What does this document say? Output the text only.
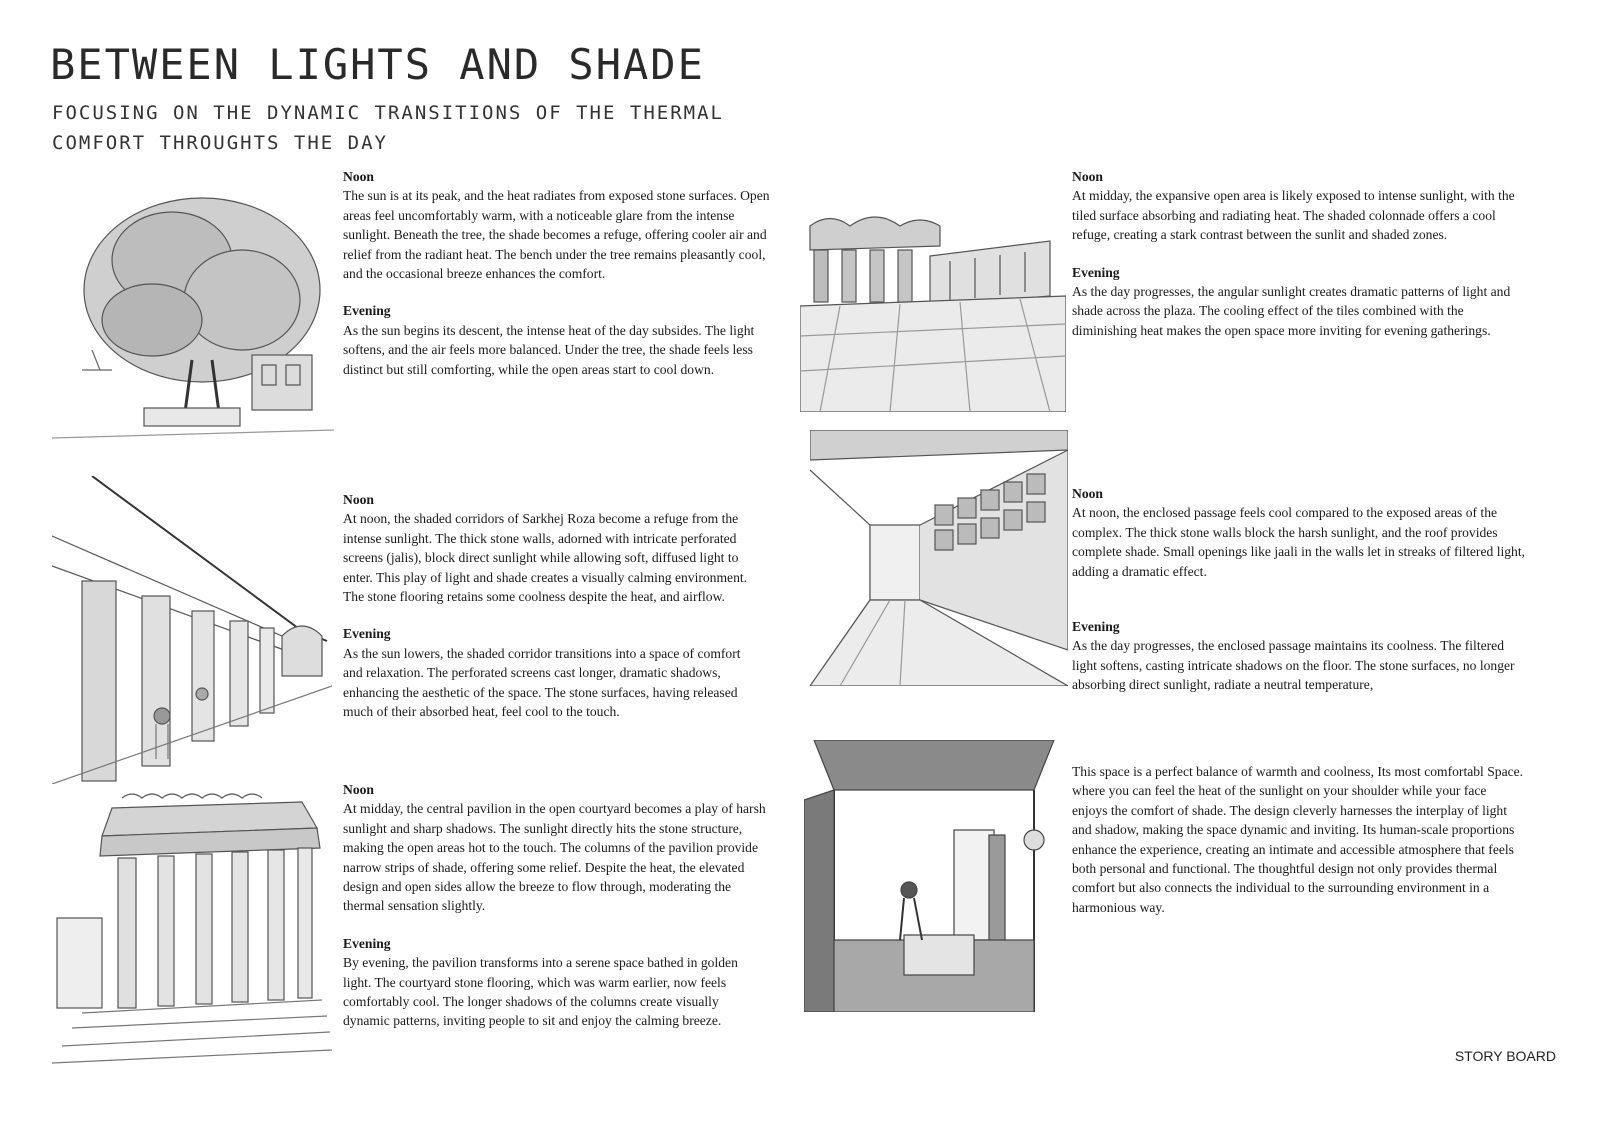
BETWEEN LIGHTS AND SHADE
FOCUSING ON THE DYNAMIC TRANSITIONS OF THE THERMAL COMFORT THROUGHTS THE DAY
Noon
The sun is at its peak, and the heat radiates from exposed stone surfaces. Open areas feel uncomfortably warm, with a noticeable glare from the intense sunlight. Beneath the tree, the shade becomes a refuge, offering cooler air and relief from the radiant heat. The bench under the tree remains pleasantly cool, and the occasional breeze enhances the comfort.
Evening
As the sun begins its descent, the intense heat of the day subsides. The light softens, and the air feels more balanced. Under the tree, the shade feels less distinct but still comforting, while the open areas start to cool down.
Noon
At noon, the shaded corridors of Sarkhej Roza become a refuge from the intense sunlight. The thick stone walls, adorned with intricate perforated screens (jalis), block direct sunlight while allowing soft, diffused light to enter. This play of light and shade creates a visually calming environment. The stone flooring retains some coolness despite the heat, and airflow.
Evening
As the sun lowers, the shaded corridor transitions into a space of comfort and relaxation. The perforated screens cast longer, dramatic shadows, enhancing the aesthetic of the space. The stone surfaces, having released much of their absorbed heat, feel cool to the touch.
Noon
At midday, the central pavilion in the open courtyard becomes a play of harsh sunlight and sharp shadows. The sunlight directly hits the stone structure, making the open areas hot to the touch. The columns of the pavilion provide narrow strips of shade, offering some relief. Despite the heat, the elevated design and open sides allow the breeze to flow through, moderating the thermal sensation slightly.
Evening
By evening, the pavilion transforms into a serene space bathed in golden light. The courtyard stone flooring, which was warm earlier, now feels comfortably cool. The longer shadows of the columns create visually dynamic patterns, inviting people to sit and enjoy the calming breeze.
Noon
At midday, the expansive open area is likely exposed to intense sunlight, with the tiled surface absorbing and radiating heat. The shaded colonnade offers a cool refuge, creating a stark contrast between the sunlit and shaded zones.
Evening
As the day progresses, the angular sunlight creates dramatic patterns of light and shade across the plaza. The cooling effect of the tiles combined with the diminishing heat makes the open space more inviting for evening gatherings.
Noon
At noon, the enclosed passage feels cool compared to the exposed areas of the complex. The thick stone walls block the harsh sunlight, and the roof provides complete shade. Small openings like jaali in the walls let in streaks of filtered light, adding a dramatic effect.
Evening
As the day progresses, the enclosed passage maintains its coolness. The filtered light softens, casting intricate shadows on the floor. The stone surfaces, no longer absorbing direct sunlight, radiate a neutral temperature,
This space is a perfect balance of warmth and coolness, Its most comfortabl Space. where you can feel the heat of the sunlight on your shoulder while your face enjoys the comfort of shade. The design cleverly harnesses the interplay of light and shadow, making the space dynamic and inviting. Its human-scale proportions enhance the experience, creating an intimate and accessible atmosphere that feels both personal and functional. The thoughtful design not only provides thermal comfort but also connects the individual to the surrounding environment in a harmonious way.
STORY BOARD
